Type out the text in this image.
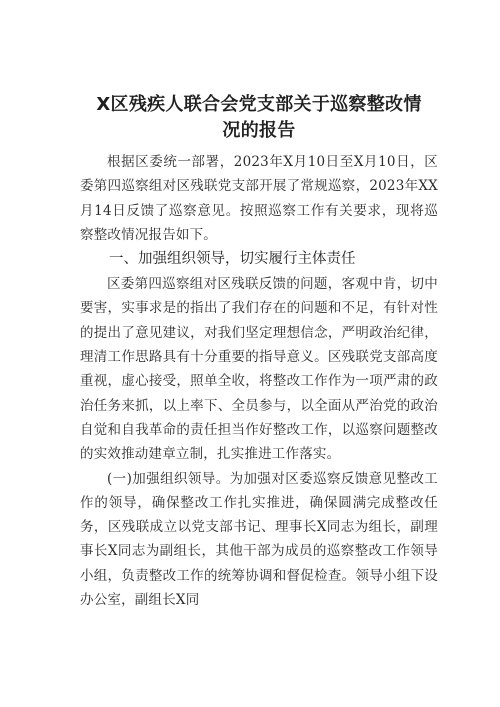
X区残疾人联合会党支部关于巡察整改情
况的报告

根据区委统一部署，2023年X月10日至X月10日，区委第四巡察组对区残联党支部开展了常规巡察，2023年XX月14日反馈了巡察意见。按照巡察工作有关要求，现将巡察整改情况报告如下。

一、加强组织领导，切实履行主体责任

区委第四巡察组对区残联反馈的问题，客观中肯，切中要害，实事求是的指出了我们存在的问题和不足，有针对性的提出了意见建议，对我们坚定理想信念，严明政治纪律，理清工作思路具有十分重要的指导意义。区残联党支部高度重视，虚心接受，照单全收，将整改工作作为一项严肃的政治任务来抓，以上率下、全员参与，以全面从严治党的政治自觉和自我革命的责任担当作好整改工作，以巡察问题整改的实效推动建章立制，扎实推进工作落实。

(一)加强组织领导。为加强对区委巡察反馈意见整改工作的领导，确保整改工作扎实推进，确保圆满完成整改任务，区残联成立以党支部书记、理事长X同志为组长，副理事长X同志为副组长，其他干部为成员的巡察整改工作领导小组，负责整改工作的统筹协调和督促检查。领导小组下设办公室，副组长X同
